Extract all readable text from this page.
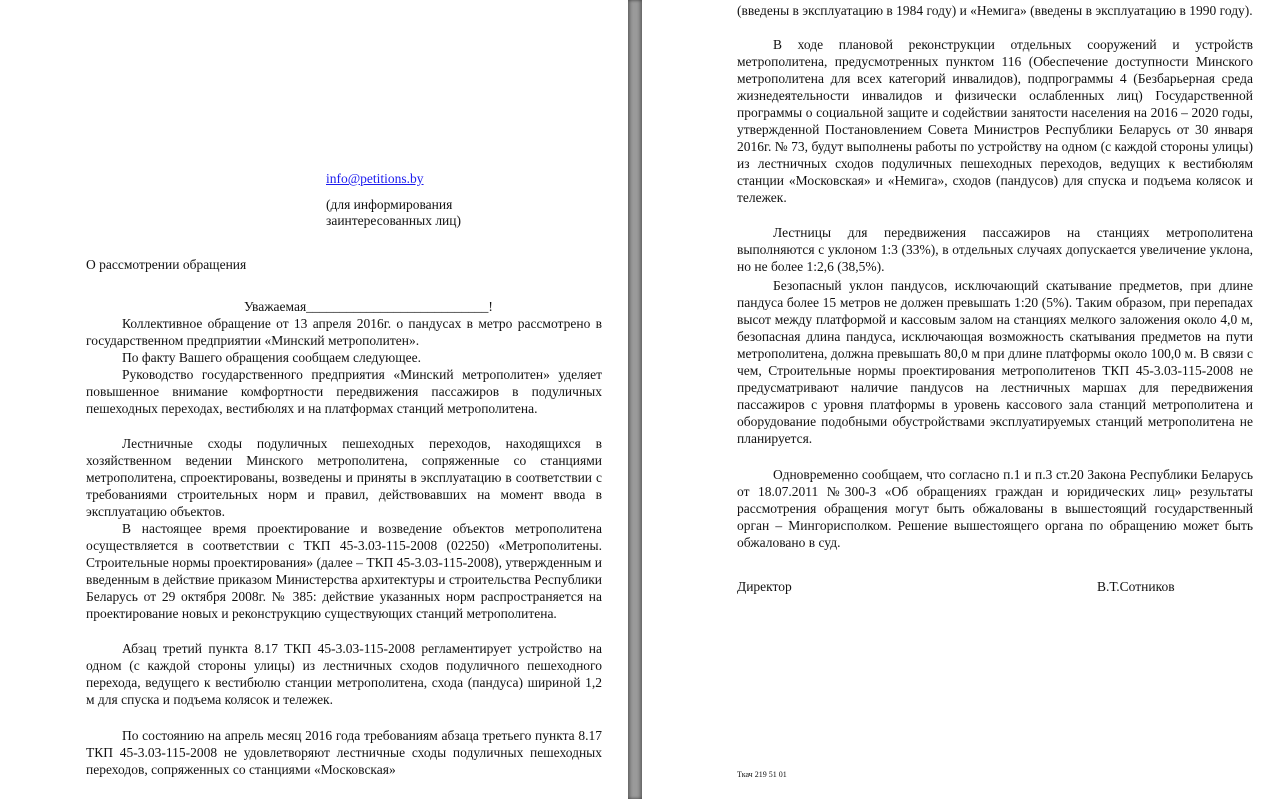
info@petitions.by
(для информирования
заинтересованных лиц)
О рассмотрении обращения
Уважаемая___________________________!
Коллективное обращение от 13 апреля 2016г. о пандусах в метро рассмотрено в государственном предприятии «Минский метрополитен».
По факту Вашего обращения сообщаем следующее.
Руководство государственного предприятия «Минский метрополитен» уделяет повышенное внимание комфортности передвижения пассажиров в подуличных пешеходных переходах, вестибюлях и на платформах станций метрополитена.
Лестничные сходы подуличных пешеходных переходов, находящихся в хозяйственном ведении Минского метрополитена, сопряженные со станциями метрополитена, спроектированы, возведены и приняты в эксплуатацию в соответствии с требованиями строительных норм и правил, действовавших на момент ввода в эксплуатацию объектов.
В настоящее время проектирование и возведение объектов метрополитена осуществляется в соответствии с ТКП 45-3.03-115-2008 (02250) «Метрополитены. Строительные нормы проектирования» (далее – ТКП 45-3.03-115-2008), утвержденным и введенным в действие приказом Министерства архитектуры и строительства Республики Беларусь от 29 октября 2008г. № 385: действие указанных норм распространяется на проектирование новых и реконструкцию существующих станций метрополитена.
Абзац третий пункта 8.17 ТКП 45-3.03-115-2008 регламентирует устройство на одном (с каждой стороны улицы) из лестничных сходов подуличного пешеходного перехода, ведущего к вестибюлю станции метрополитена, схода (пандуса) шириной 1,2 м для спуска и подъема колясок и тележек.
По состоянию на апрель месяц 2016 года требованиям абзаца третьего пункта 8.17 ТКП 45-3.03-115-2008 не удовлетворяют лестничные сходы подуличных пешеходных переходов, сопряженных со станциями «Московская»
(введены в эксплуатацию в 1984 году) и «Немига» (введены в эксплуатацию в 1990 году).
В ходе плановой реконструкции отдельных сооружений и устройств метрополитена, предусмотренных пунктом 116 (Обеспечение доступности Минского метрополитена для всех категорий инвалидов), подпрограммы 4 (Безбарьерная среда жизнедеятельности инвалидов и физически ослабленных лиц) Государственной программы о социальной защите и содействии занятости населения на 2016 – 2020 годы, утвержденной Постановлением Совета Министров Республики Беларусь от 30 января 2016г. № 73, будут выполнены работы по устройству на одном (с каждой стороны улицы) из лестничных сходов подуличных пешеходных переходов, ведущих к вестибюлям станции «Московская» и «Немига», сходов (пандусов) для спуска и подъема колясок и тележек.
Лестницы для передвижения пассажиров на станциях метрополитена выполняются с уклоном 1:3 (33%), в отдельных случаях допускается увеличение уклона, но не более 1:2,6 (38,5%).
Безопасный уклон пандусов, исключающий скатывание предметов, при длине пандуса более 15 метров не должен превышать 1:20 (5%). Таким образом, при перепадах высот между платформой и кассовым залом на станциях мелкого заложения около 4,0 м, безопасная длина пандуса, исключающая возможность скатывания предметов на пути метрополитена, должна превышать 80,0 м при длине платформы около 100,0 м. В связи с чем, Строительные нормы проектирования метрополитенов ТКП 45-3.03-115-2008 не предусматривают наличие пандусов на лестничных маршах для передвижения пассажиров с уровня платформы в уровень кассового зала станций метрополитена и оборудование подобными обустройствами эксплуатируемых станций метрополитена не планируется.
Одновременно сообщаем, что согласно п.1 и п.3 ст.20 Закона Республики Беларусь от 18.07.2011 №300-З «Об обращениях граждан и юридических лиц» результаты рассмотрения обращения могут быть обжалованы в вышестоящий государственный орган – Мингорисполком. Решение вышестоящего органа по обращению может быть обжаловано в суд.
Директор	В.Т.Сотников
Ткач 219 51 01
